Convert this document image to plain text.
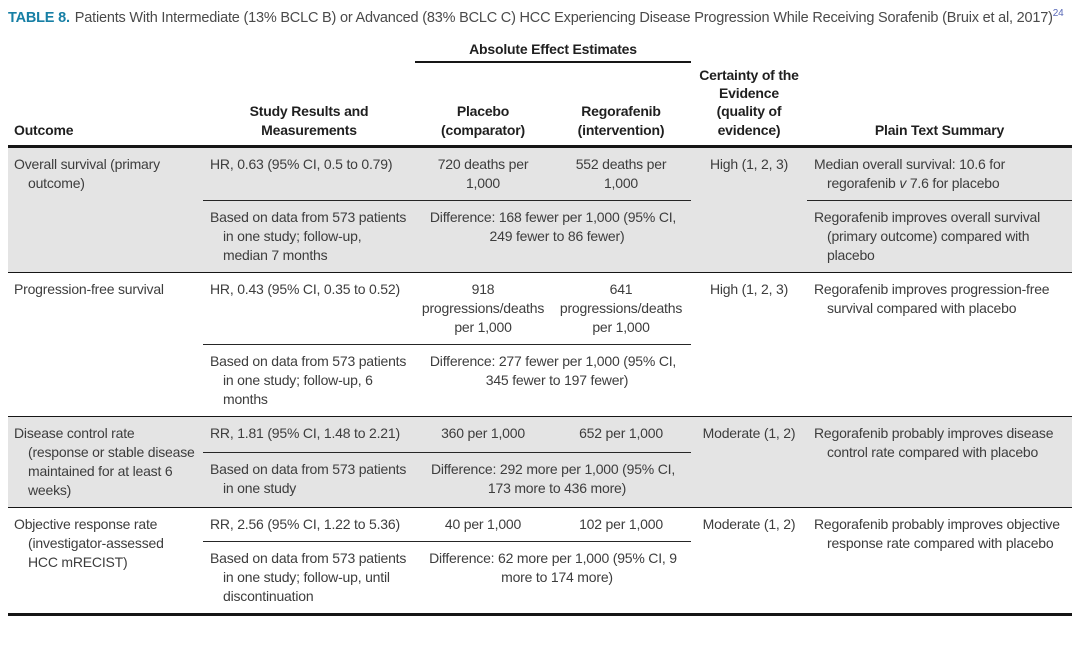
TABLE 8. Patients With Intermediate (13% BCLC B) or Advanced (83% BCLC C) HCC Experiencing Disease Progression While Receiving Sorafenib (Bruix et al, 2017)$^{24}$
		Absolute Effect Estimates			
Outcome	Study Results and Measurements	Placebo (comparator)	Regorafenib (intervention)	Certainty of the Evidence (quality of evidence)	Plain Text Summary
Overall survival (primary outcome)	HR, 0.63 (95% CI, 0.5 to 0.79)	720 deaths per 1,000	552 deaths per 1,000	High (1, 2, 3)	Median overall survival: 10.6 for regorafenib v 7.6 for placebo
	Based on data from 573 patients in one study; follow-up, median 7 months	Difference: 168 fewer per 1,000 (95% CI, 249 fewer to 86 fewer)			Regorafenib improves overall survival (primary outcome) compared with placebo
Progression-free survival	HR, 0.43 (95% CI, 0.35 to 0.52)	918 progressions/deaths per 1,000	641 progressions/deaths per 1,000	High (1, 2, 3)	Regorafenib improves progression-free survival compared with placebo
	Based on data from 573 patients in one study; follow-up, 6 months	Difference: 277 fewer per 1,000 (95% CI, 345 fewer to 197 fewer)			
Disease control rate (response or stable disease maintained for at least 6 weeks)	RR, 1.81 (95% CI, 1.48 to 2.21)	360 per 1,000	652 per 1,000	Moderate (1, 2)	Regorafenib probably improves disease control rate compared with placebo
	Based on data from 573 patients in one study	Difference: 292 more per 1,000 (95% CI, 173 more to 436 more)			
Objective response rate (investigator-assessed HCC mRECIST)	RR, 2.56 (95% CI, 1.22 to 5.36)	40 per 1,000	102 per 1,000	Moderate (1, 2)	Regorafenib probably improves objective response rate compared with placebo
	Based on data from 573 patients in one study; follow-up, until discontinuation	Difference: 62 more per 1,000 (95% CI, 9 more to 174 more)			
